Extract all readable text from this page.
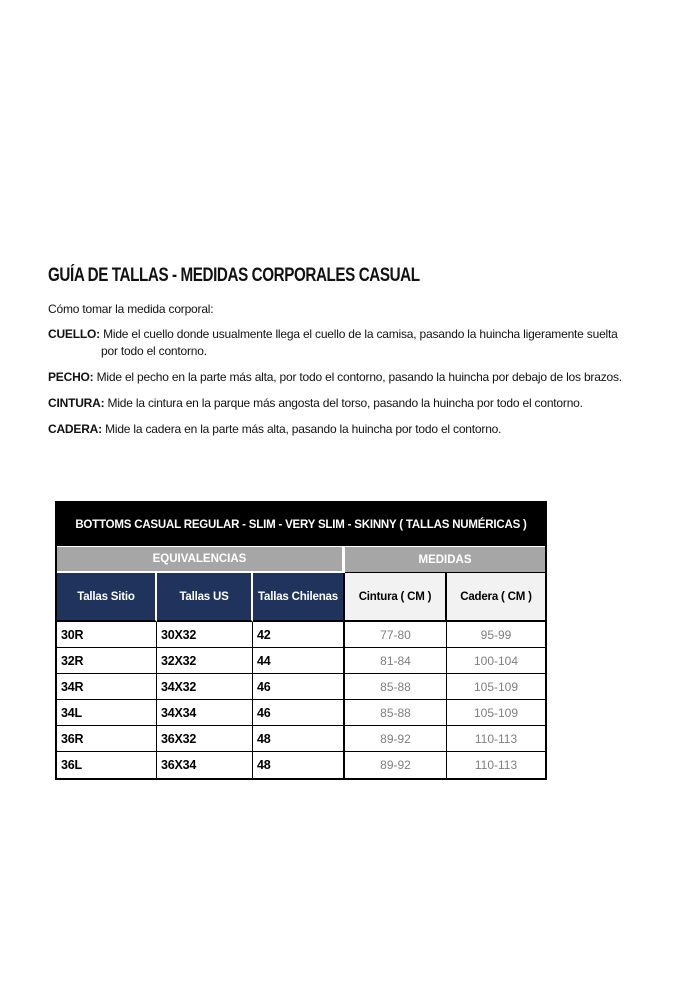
GUÍA DE TALLAS - MEDIDAS CORPORALES CASUAL

Cómo tomar la medida corporal:

CUELLO: Mide el cuello donde usualmente llega el cuello de la camisa, pasando la huincha ligeramente suelta
por todo el contorno.
PECHO: Mide el pecho en la parte más alta, por todo el contorno, pasando la huincha por debajo de los brazos.
CINTURA: Mide la cintura en la parque más angosta del torso, pasando la huincha por todo el contorno.
CADERA: Mide la cadera en la parte más alta, pasando la huincha por todo el contorno.
BOTTOMS CASUAL REGULAR - SLIM - VERY SLIM - SKINNY ( TALLAS NUMÉRICAS )
EQUIVALENCIAS	MEDIDAS
Tallas Sitio	Tallas US	Tallas Chilenas	Cintura ( CM )	Cadera ( CM )
30R	30X32	42	77-80	95-99
32R	32X32	44	81-84	100-104
34R	34X32	46	85-88	105-109
34L	34X34	46	85-88	105-109
36R	36X32	48	89-92	110-113
36L	36X34	48	89-92	110-113
